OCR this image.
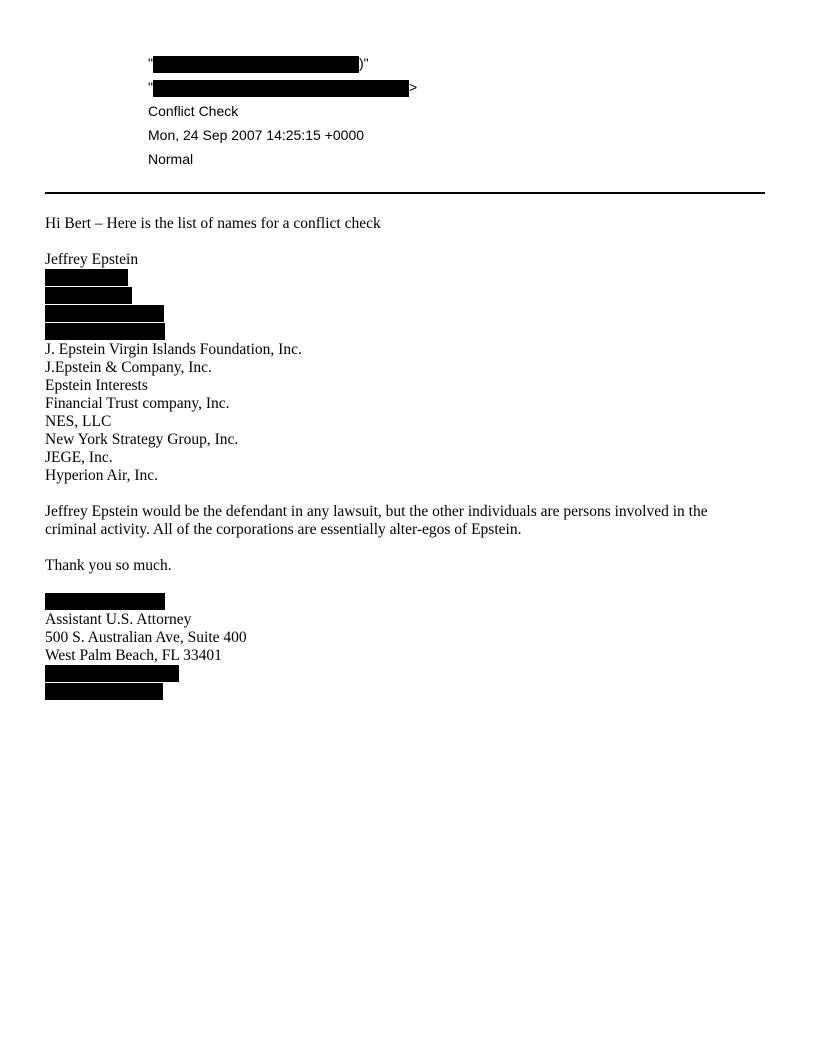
"	)"
"	>
Conflict Check
Mon, 24 Sep 2007 14:25:15 +0000
Normal
Hi Bert – Here is the list of names for a conflict check
Jeffrey Epstein
J. Epstein Virgin Islands Foundation, Inc.
J.Epstein & Company, Inc.
Epstein Interests
Financial Trust company, Inc.
NES, LLC
New York Strategy Group, Inc.
JEGE, Inc.
Hyperion Air, Inc.
Jeffrey Epstein would be the defendant in any lawsuit, but the other individuals are persons involved in the criminal activity. All of the corporations are essentially alter-egos of Epstein.
Thank you so much.
Assistant U.S. Attorney
500 S. Australian Ave, Suite 400
West Palm Beach, FL 33401
